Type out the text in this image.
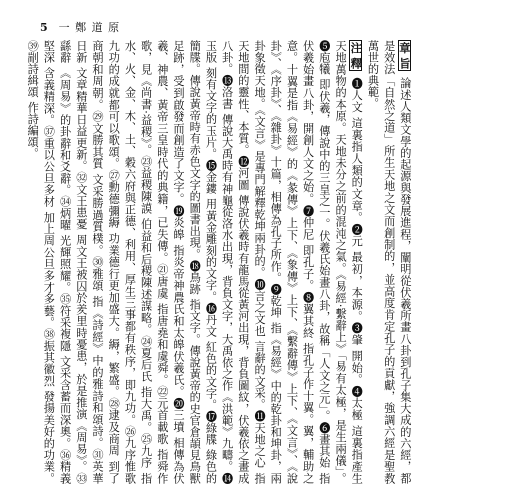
5 一 鄭 道 原

章 旨 論述人類文學的起源與發展進程，闡明從伏羲所畫八卦到孔子集大成的六經，都是效法「自然之道」所生天地之文而創制的，並高度肯定孔子的貢獻，強調六經是聖教萬世的典範。

注 釋 ❶人文 這裏指人類的文章。❷元 最初，本源。❸肇 開始。❹太極 這裏指產生天地萬物的本原。天地未分之前的混沌之氣。《易經·繫辭上》「易有太極，是生兩儀」。❺庖犧 即伏羲，傳說中的三皇之一。伏羲氏始畫八卦，故稱「人文之元」。❻畫其始 指伏羲始畫八卦，開創人文之始。❼仲尼 即孔子。❽翼其終 指孔子作十翼。翼，輔助之意。十翼是指《易經》的《彖傳》上下、《象傳》上下、《繫辭傳》上下、《文言》、《說卦》、《序卦》、《雜卦》十篇，相傳為孔子所作。❾乾坤 指《易經》中的乾卦和坤卦，兩卦象徵天地。《文言》是專門解釋乾坤兩卦的。❿言之文也 言辭的文采。⓫天地之心 指天地間的靈性、本質。⓬河圖 傳說伏羲時有龍馬從黃河出現，背負圖紋，伏羲依之畫成八卦。⓭洛書 傳說大禹時有神龜從洛水出現，背負文字，大禹依之作《洪範》九疇。⓮玉版 刻有文字的玉片。⓯金鏤 用黃金雕刻的文字。⓰丹文 紅色的文字。⓱綠牒 綠色的簡牒。傳說黃帝時有赤色文字的圖書出現。⓲鳥跡 指文字。傳說黃帝的史官倉頡見鳥獸足跡，受到啟發而創造了文字。⓳炎皞 指炎帝神農氏和太皞伏羲氏。⓴三墳 相傳為伏羲、神農、黃帝三皇時代的典籍，已失傳。㉑唐虞 指唐堯和虞舜。㉒元首載歌 指舜作歌，見《尚書·益稷》。㉓益稷陳謨 伯益和后稷陳述謀略。㉔夏后氏 指大禹。㉕九序 指水、火、金、木、土、穀六府與正德、利用、厚生三事都有秩序，即九功。㉖九序惟歌 九功的成就都可以歌頌。㉗勳德彌縟 功業德行更加盛大。縟，繁盛。㉘逮及商周 到了商朝和周朝。㉙文勝其質 文采勝過質樸。㉚雅頌 指《詩經》中的雅詩和頌詩。㉛英華日新 文章精華日益更新。㉜文王患憂 周文王被囚於羑里時憂患，於是推演《周易》。㉝繇辭 《周易》的卦辭和爻辭。㉞炳曜 光輝照耀。㉟符采複隱 文采含蓄而深奧。㊱精義堅深 含義精深。㊲重以公旦多材 加上周公旦多才多藝。㊳振其徽烈 發揚美好的功業。㊴剬詩緝頌 作詩編頌。
